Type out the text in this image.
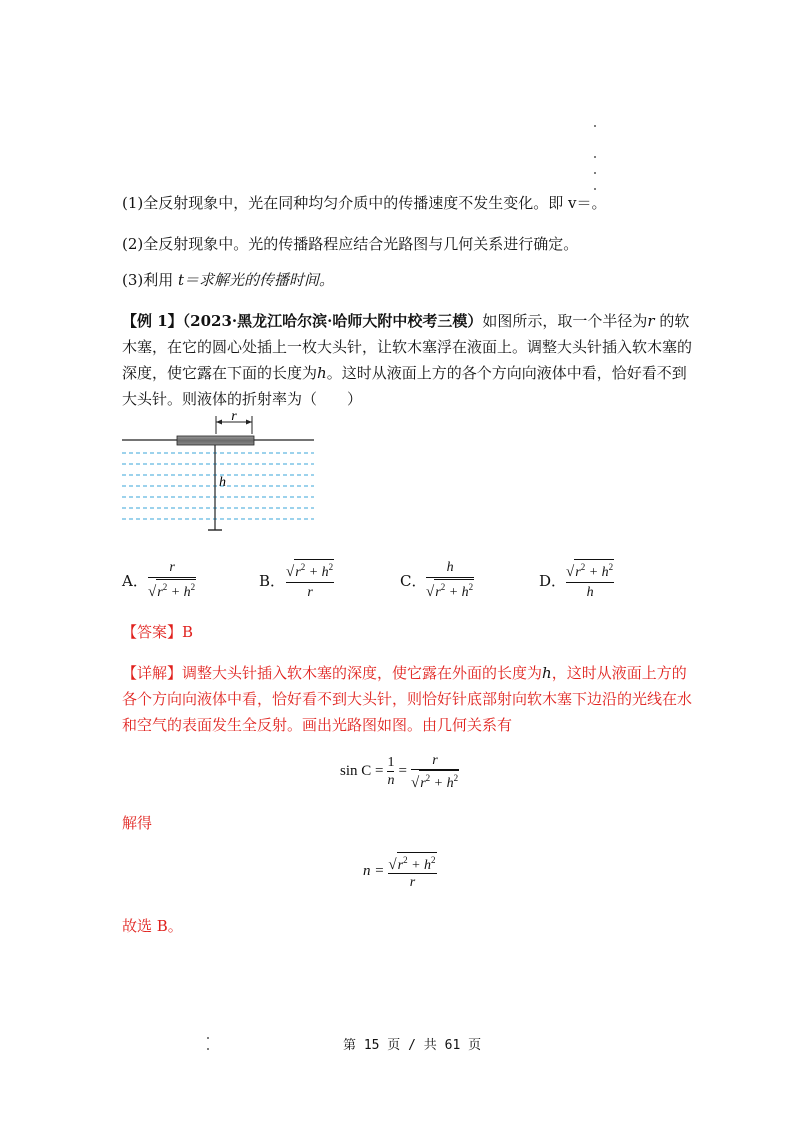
(1)全反射现象中，光在同种均匀介质中的传播速度不发生变化。即 v＝。
(2)全反射现象中。光的传播路程应结合光路图与几何关系进行确定。
(3)利用 t＝求解光的传播时间。
【例 1】（2023·黑龙江哈尔滨·哈师大附中校考三模）如图所示，取一个半径为r 的软木塞，在它的圆心处插上一枚大头针，让软木塞浮在液面上。调整大头针插入软木塞的深度，使它露在下面的长度为h。这时从液面上方的各个方向向液体中看，恰好看不到大头针。则液体的折射率为（　　）
r
h
A．
r
√ $r^2 + h^2$	B． √ $r^2 + h^2$
r
C．
h
√ $r^2 + h^2$	D． √ $r^2 + h^2$
h
【答案】B
【详解】调整大头针插入软木塞的深度，使它露在外面的长度为h，这时从液面上方的各个方向向液体中看，恰好看不到大头针，则恰好针底部射向软木塞下边沿的光线在水和空气的表面发生全反射。画出光路图如图。由几何关系有
sin C =
1
n
=
r
√ $r^2 + h^2$
解得
n = √ $r^2 + h^2$
r
故选 B。
第 15 页 / 共 61 页
